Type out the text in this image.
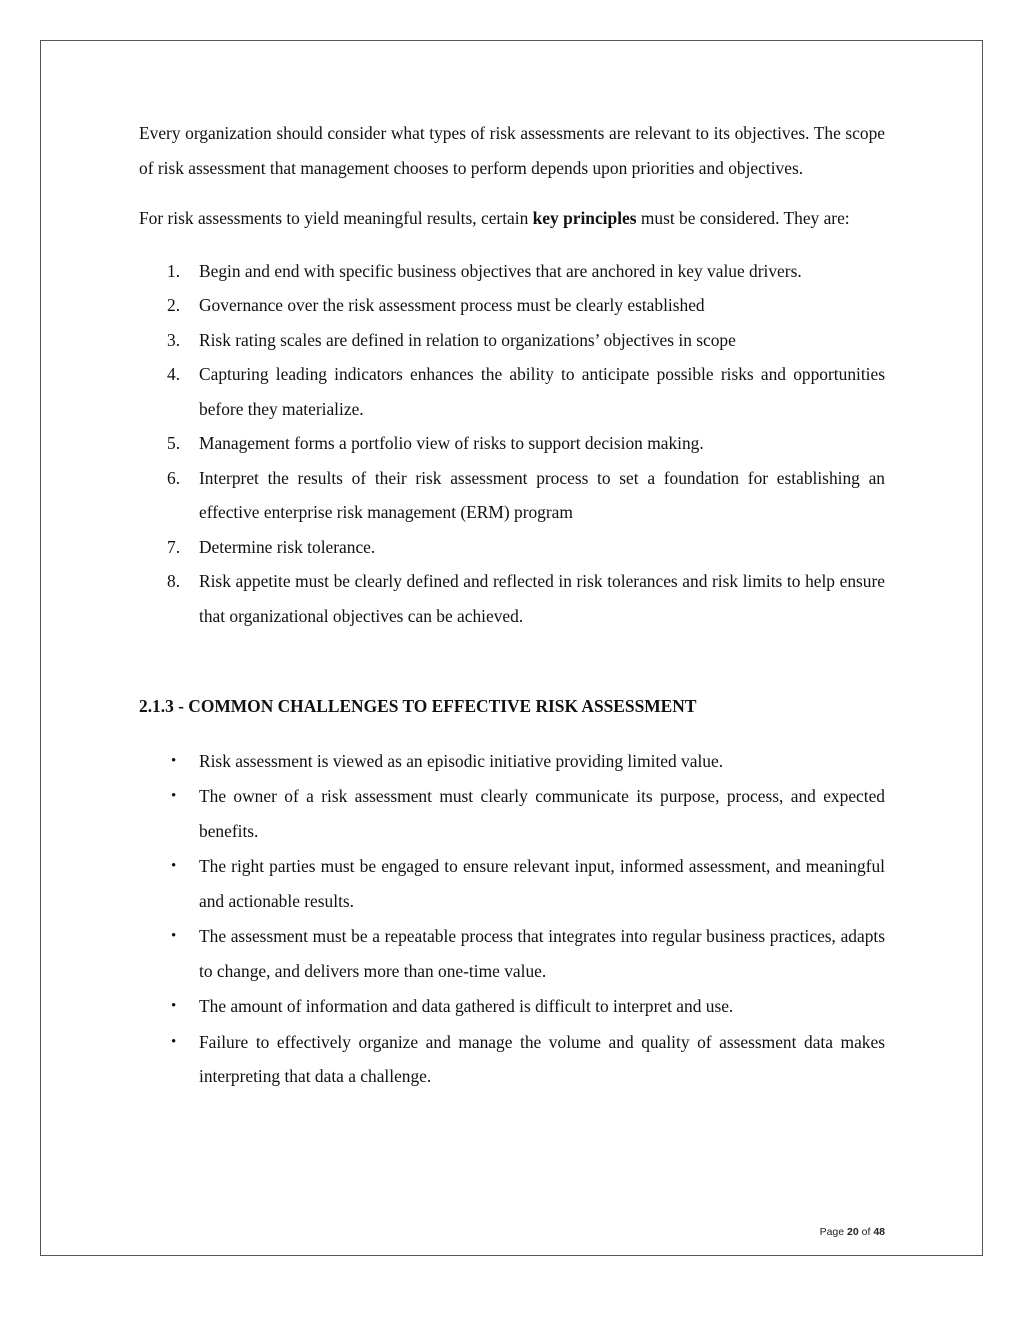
Every organization should consider what types of risk assessments are relevant to its objectives. The scope of risk assessment that management chooses to perform depends upon priorities and objectives.

For risk assessments to yield meaningful results, certain key principles must be considered. They are:

1. Begin and end with specific business objectives that are anchored in key value drivers.
2. Governance over the risk assessment process must be clearly established
3. Risk rating scales are defined in relation to organizations’ objectives in scope
4. Capturing leading indicators enhances the ability to anticipate possible risks and opportunities before they materialize.
5. Management forms a portfolio view of risks to support decision making.
6. Interpret the results of their risk assessment process to set a foundation for establishing an effective enterprise risk management (ERM) program
7. Determine risk tolerance.
8. Risk appetite must be clearly defined and reflected in risk tolerances and risk limits to help ensure that organizational objectives can be achieved.
2.1.3 - COMMON CHALLENGES TO EFFECTIVE RISK ASSESSMENT
• Risk assessment is viewed as an episodic initiative providing limited value.
• The owner of a risk assessment must clearly communicate its purpose, process, and expected benefits.
• The right parties must be engaged to ensure relevant input, informed assessment, and meaningful and actionable results.
• The assessment must be a repeatable process that integrates into regular business practices, adapts to change, and delivers more than one-time value.
• The amount of information and data gathered is difficult to interpret and use.
• Failure to effectively organize and manage the volume and quality of assessment data makes interpreting that data a challenge.
Page 20 of 48
